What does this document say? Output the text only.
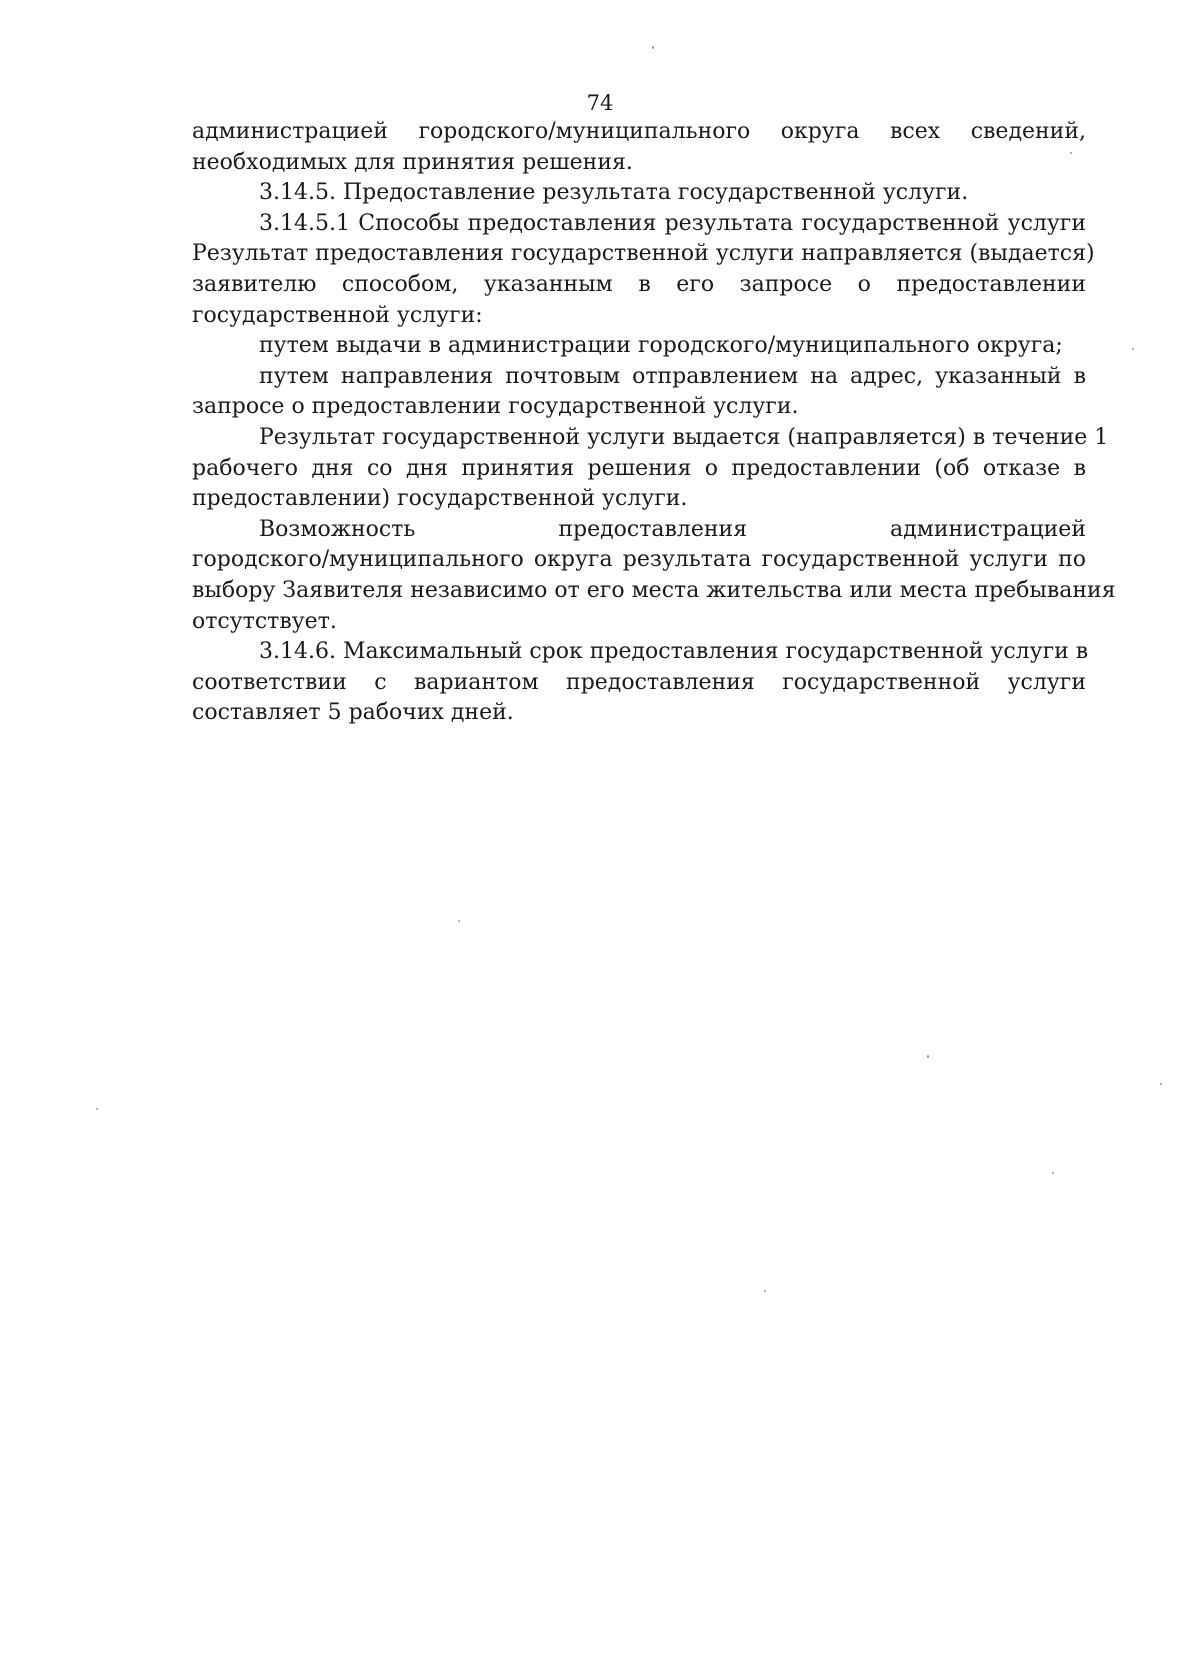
74
администрацией городского/муниципального округа всех сведений,
необходимых для принятия решения.
3.14.5. Предоставление результата государственной услуги.
3.14.5.1 Способы предоставления результата государственной услуги
Результат предоставления государственной услуги направляется (выдается)
заявителю способом, указанным в его запросе о предоставлении
государственной услуги:
путем выдачи в администрации городского/муниципального округа;
путем направления почтовым отправлением на адрес, указанный в
запросе о предоставлении государственной услуги.
Результат государственной услуги выдается (направляется) в течение 1
рабочего дня со дня принятия решения о предоставлении (об отказе в
предоставлении) государственной услуги.
Возможность предоставления администрацией
городского/муниципального округа результата государственной услуги по
выбору Заявителя независимо от его места жительства или места пребывания
отсутствует.
3.14.6. Максимальный срок предоставления государственной услуги в
соответствии с вариантом предоставления государственной услуги
составляет 5 рабочих дней.
